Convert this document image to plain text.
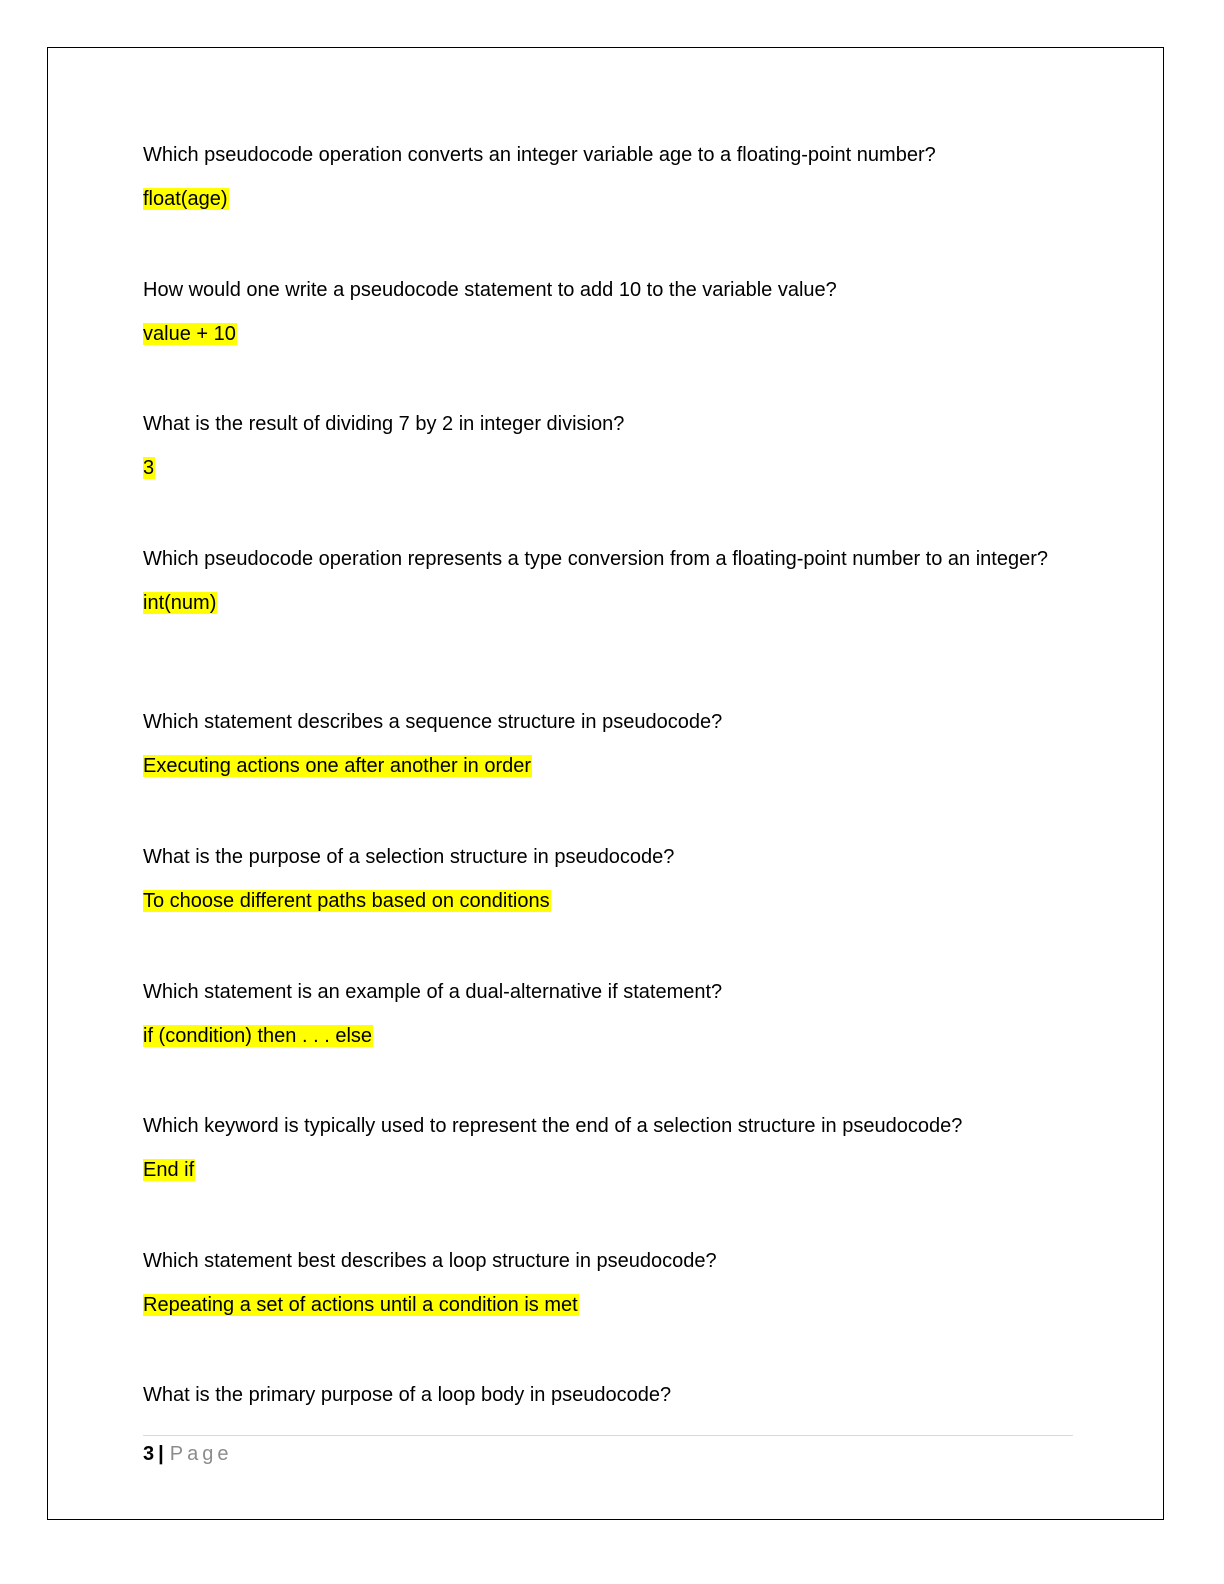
Which pseudocode operation converts an integer variable age to a floating-point number?

float(age)

How would one write a pseudocode statement to add 10 to the variable value?

value + 10

What is the result of dividing 7 by 2 in integer division?

3

Which pseudocode operation represents a type conversion from a floating-point number to an integer?

int(num)

Which statement describes a sequence structure in pseudocode?

Executing actions one after another in order

What is the purpose of a selection structure in pseudocode?

To choose different paths based on conditions

Which statement is an example of a dual-alternative if statement?

if (condition) then . . . else

Which keyword is typically used to represent the end of a selection structure in pseudocode?

End if

Which statement best describes a loop structure in pseudocode?

Repeating a set of actions until a condition is met

What is the primary purpose of a loop body in pseudocode?

3 | Page
